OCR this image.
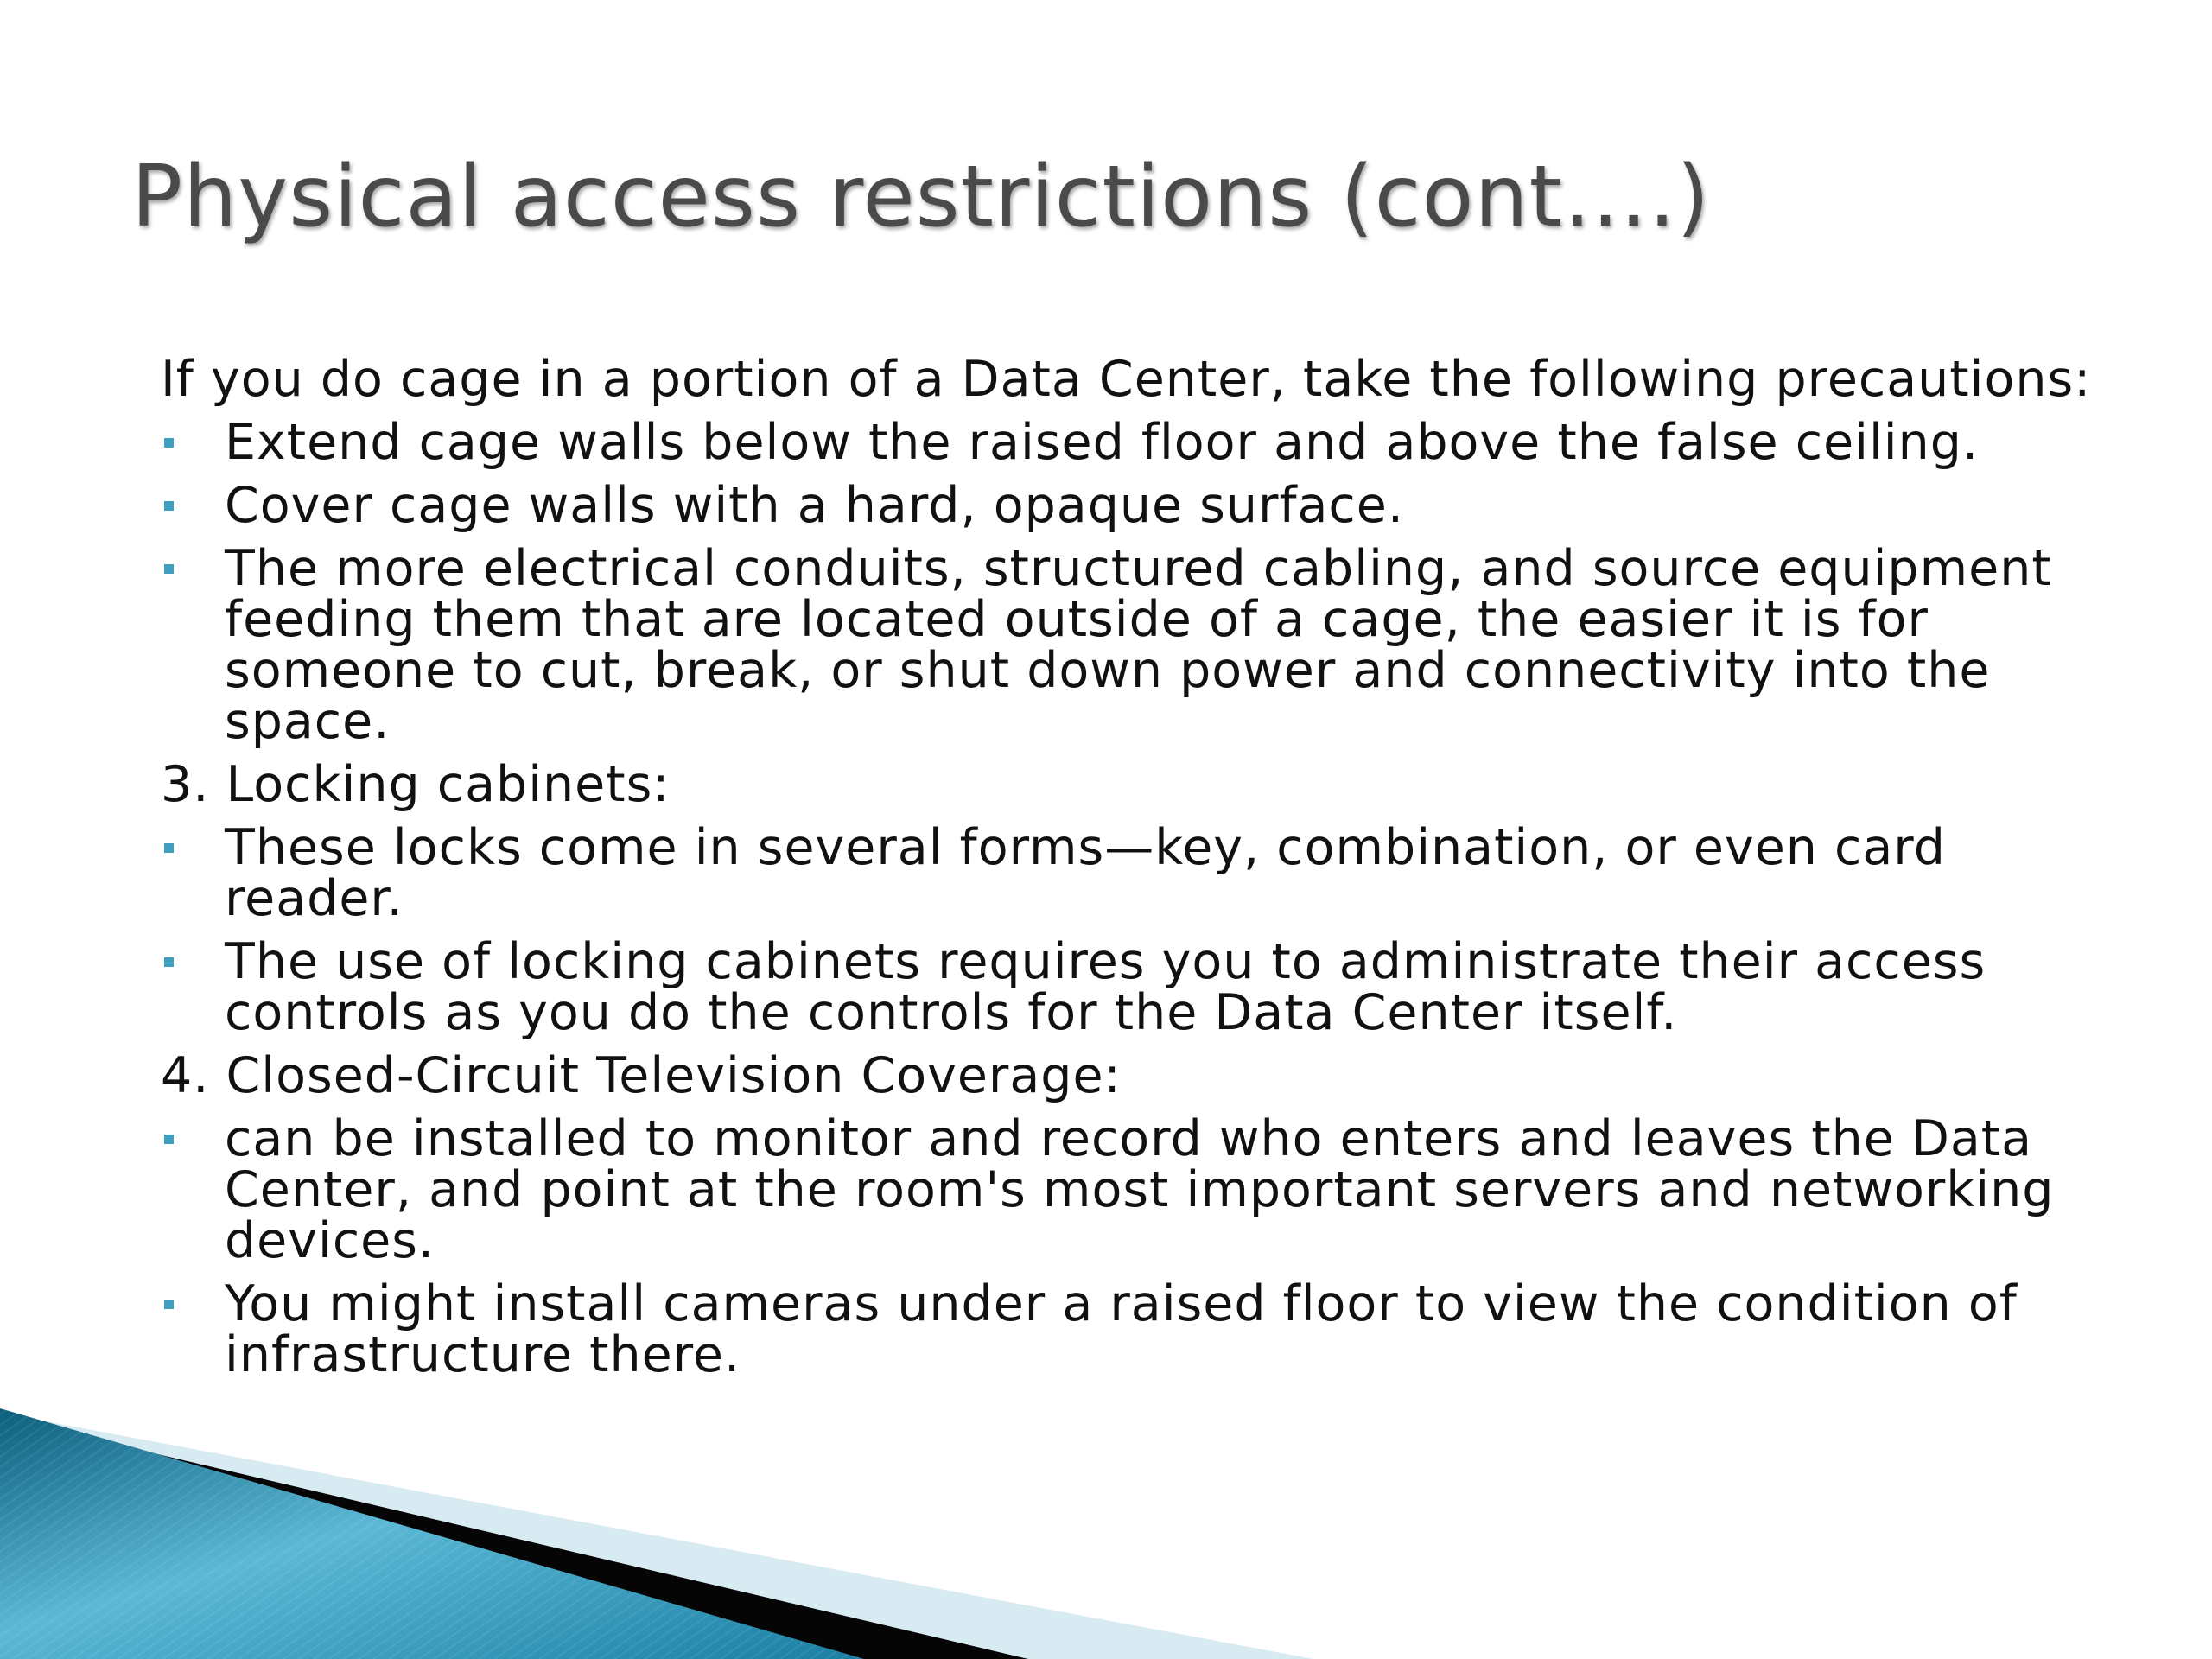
Physical access restrictions (cont….)
If you do cage in a portion of a Data Center, take the following precautions:
Extend cage walls below the raised floor and above the false ceiling.
Cover cage walls with a hard, opaque surface.
The more electrical conduits, structured cabling, and source equipment feeding them that are located outside of a cage, the easier it is for someone to cut, break, or shut down power and connectivity into the space.
3. Locking cabinets:
These locks come in several forms—key, combination, or even card reader.
The use of locking cabinets requires you to administrate their access controls as you do the controls for the Data Center itself.
4. Closed-Circuit Television Coverage:
can be installed to monitor and record who enters and leaves the Data Center, and point at the room's most important servers and networking devices.
You might install cameras under a raised floor to view the condition of infrastructure there.
